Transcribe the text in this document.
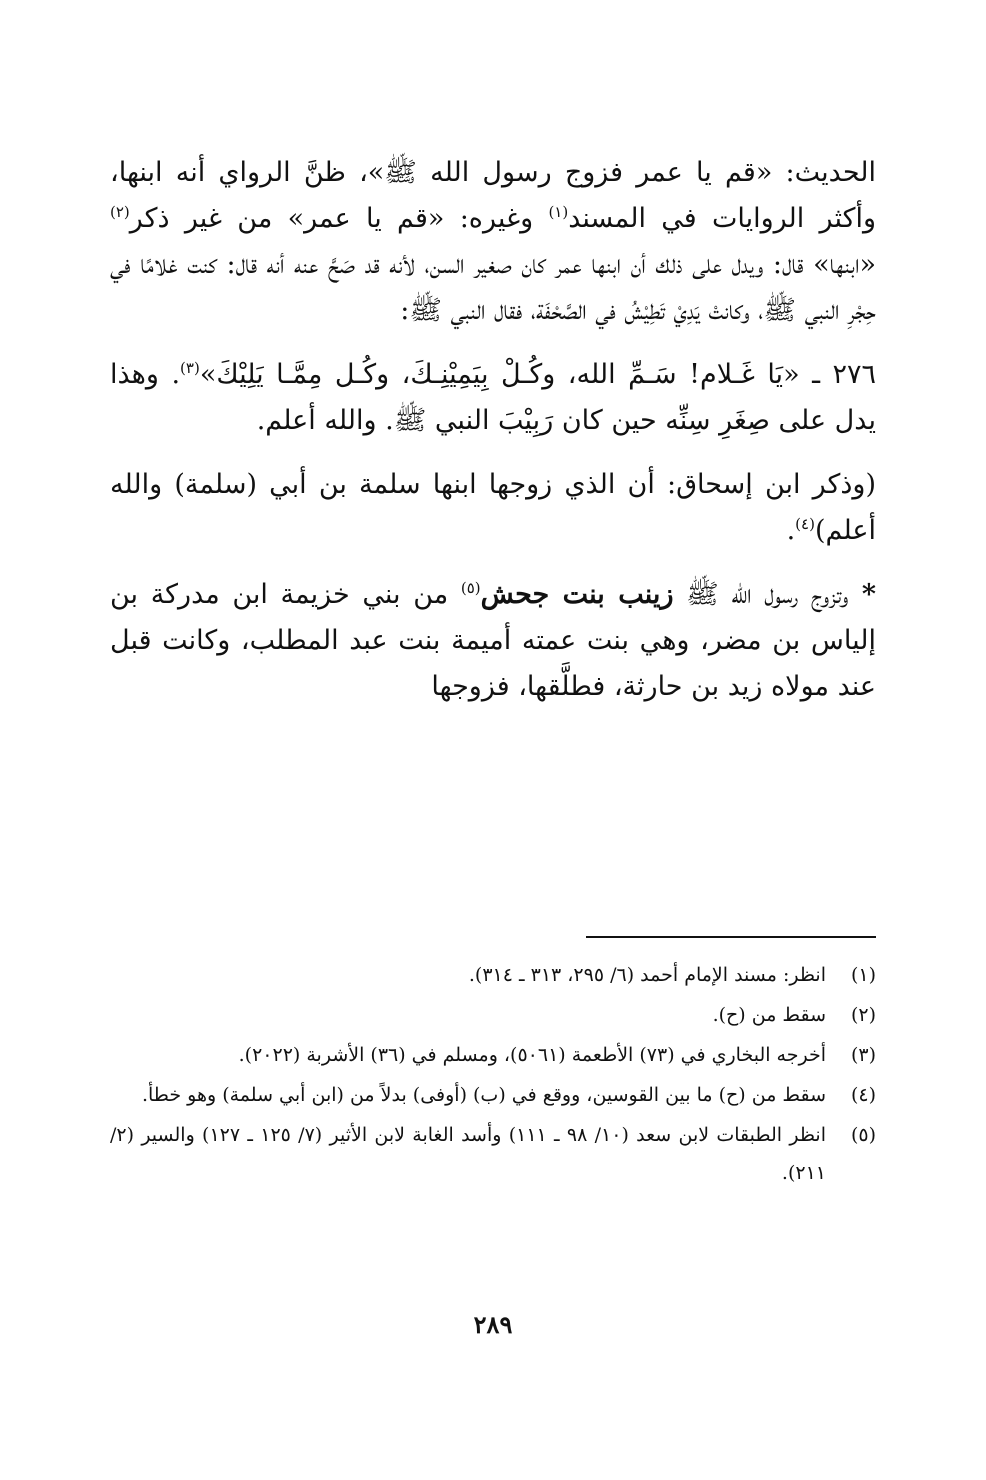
الحديث: «قم يا عمر فزوج رسول الله ﷺ»، ظنَّ الرواي أنه ابنها، وأكثر الروايات في المسند$^{(١)}$ وغيره: «قم يا عمر» من غير ذكر$^{(٢)}$ «ابنها» قال: ويدل على ذلك أن ابنها عمر كان صغير السن، لأنه قد صَحَّ عنه أنه قال: كنت غلامًا في حِجْرِ النبي ﷺ، وكانتْ يَدِيْ تَطِيْشُ في الصَّحْفَة، فقال النبي ﷺ:

٢٧٦ ـ «يَا غَـلام! سَـمِّ الله، وكُـلْ بِيَمِيْنِـكَ، وكُـل مِمَّـا يَلِيْكَ»$^{(٣)}$. وهذا يدل على صِغَرِ سِنِّه حين كان رَبِيْبَ النبي ﷺ. والله أعلم.

(وذكر ابن إسحاق: أن الذي زوجها ابنها سلمة بن أبي (سلمة) والله أعلم)$^{(٤)}$.

* وتزوج رسول الله ﷺ زينب بنت جحش$^{(٥)}$ من بني خزيمة ابن مدركة بن إلياس بن مضر، وهي بنت عمته أميمة بنت عبد المطلب، وكانت قبل عند مولاه زيد بن حارثة، فطلَّقها، فزوجها

(١)
انظر: مسند الإمام أحمد (٦/ ٢٩٥، ٣١٣ ـ ٣١٤).
(٢)
سقط من (ح).
(٣)
أخرجه البخاري في (٧٣) الأطعمة (٥٠٦١)، ومسلم في (٣٦) الأشربة (٢٠٢٢).
(٤)
سقط من (ح) ما بين القوسين، ووقع في (ب) (أوفى) بدلاً من (ابن أبي سلمة) وهو خطأ.
(٥)
انظر الطبقات لابن سعد (١٠/ ٩٨ ـ ١١١) وأسد الغابة لابن الأثير (٧/ ١٢٥ ـ ١٢٧) والسير (٢/ ٢١١).
٢٨٩
